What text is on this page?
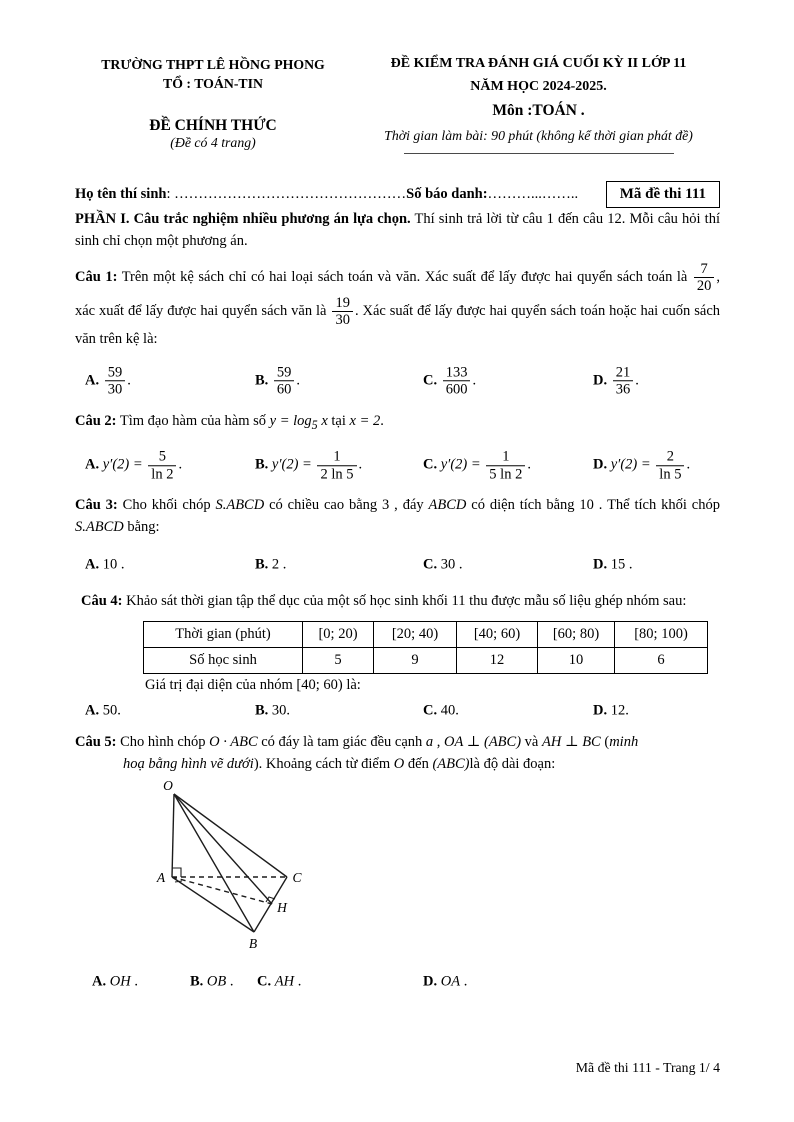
TRƯỜNG THPT LÊ HỒNG PHONG
TỔ : TOÁN-TIN
ĐỀ CHÍNH THỨC
(Đề có 4 trang)
ĐỀ KIỂM TRA ĐÁNH GIÁ CUỐI KỲ II LỚP 11
NĂM HỌC 2024-2025.
Môn :TOÁN .
Thời gian làm bài: 90 phút (không kể thời gian phát đề)
Họ tên thí sinh : ………………………………………… Số báo danh: ………...……..	Mã đề thi 111

PHẦN I. Câu trắc nghiệm nhiều phương án lựa chọn. Thí sinh trả lời từ câu 1 đến câu 12. Mỗi câu hỏi thí sinh chỉ chọn một phương án.

Câu 1: Trên một kệ sách chỉ có hai loại sách toán và văn. Xác suất để lấy được hai quyển sách toán là $\frac{7}{20}$ , xác xuất để lấy được hai quyển sách văn là $\frac{19}{30}$ . Xác suất để lấy được hai quyển sách toán hoặc hai cuốn sách văn trên kệ là:

A. $\frac{59}{30}$ .	B. $\frac{59}{60}$ .	C. $\frac{133}{600}$ .	D. $\frac{21}{36}$ .

Câu 2: Tìm đạo hàm của hàm số $y = \log_5 x$ tại x = 2.

A. $y'(2) = \frac{5}{\ln 2}$ .	B. $y'(2) = \frac{1}{2 \ln 5}$ .	C. $y'(2) = \frac{1}{5 \ln 2}$ .	D. $y'(2) = \frac{2}{\ln 5}$ .

Câu 3: Cho khối chóp S.ABCD có chiều cao bằng 3 , đáy ABCD có diện tích bằng 10 . Thể tích khối chóp S.ABCD bằng:

A. 10 .	B. 2 .	C. 30 .	D. 15 .

Câu 4: Khảo sát thời gian tập thể dục của một số học sinh khối 11 thu được mẫu số liệu ghép nhóm sau:

Thời gian (phút)	[0; 20)	[20; 40)	[40; 60)	[60; 80)	[80; 100)
Số học sinh	5	9	12	10	6

Giá trị đại diện của nhóm [40; 60) là:

A. 50.	B. 30.	C. 40.	D. 12.

Câu 5: Cho hình chóp O · ABC có đáy là tam giác đều cạnh a , OA ⊥ (ABC) và AH ⊥ BC (minh

hoạ bằng hình vẽ dưới). Khoảng cách từ điểm O đến (ABC)là độ dài đoạn:

O
A	C
H
B
A. OH .	B. OB . C. AH .	D. OA .
Mã đề thi 111 - Trang 1/ 4
